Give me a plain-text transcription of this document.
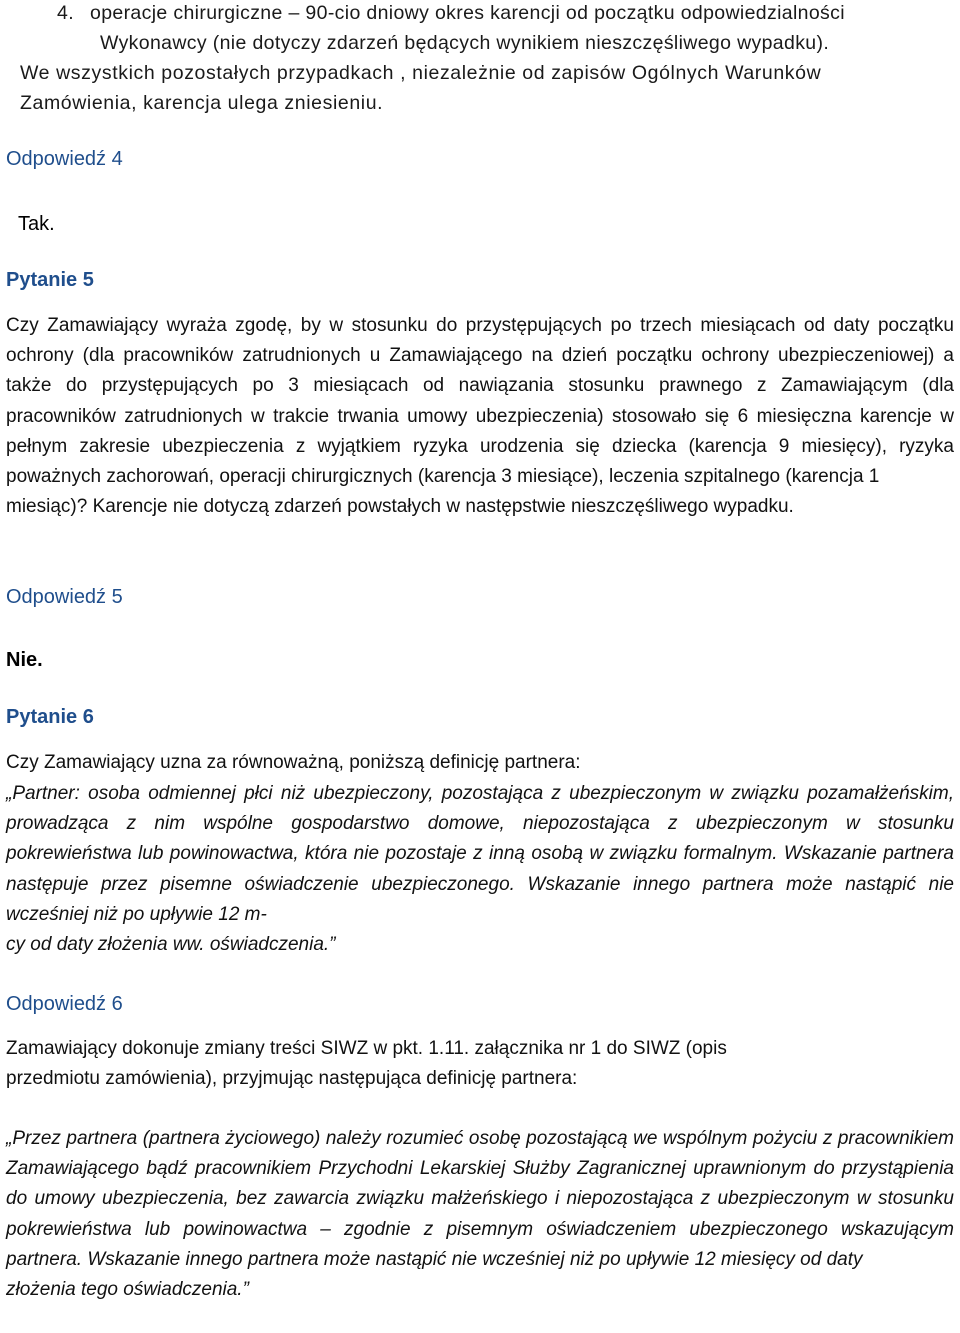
4. operacje chirurgiczne – 90-cio dniowy okres karencji od początku odpowiedzialności
Wykonawcy (nie dotyczy zdarzeń będących wynikiem nieszczęśliwego wypadku).
We wszystkich pozostałych przypadkach , niezależnie od zapisów Ogólnych Warunków
Zamówienia, karencja ulega zniesieniu.
Odpowiedź 4
Tak.
Pytanie 5
Czy Zamawiający wyraża zgodę, by w stosunku do przystępujących po trzech miesiącach od daty początku ochrony (dla pracowników zatrudnionych u Zamawiającego na dzień początku ochrony ubezpieczeniowej) a także do przystępujących po 3 miesiącach od nawiązania stosunku prawnego z Zamawiającym (dla pracowników zatrudnionych w trakcie trwania umowy ubezpieczenia) stosowało się 6 miesięczna karencje w pełnym zakresie ubezpieczenia z wyjątkiem ryzyka urodzenia się dziecka (karencja 9 miesięcy), ryzyka poważnych zachorowań, operacji chirurgicznych (karencja 3 miesiące), leczenia szpitalnego (karencja 1
miesiąc)? Karencje nie dotyczą zdarzeń powstałych w następstwie nieszczęśliwego wypadku.
Odpowiedź 5
Nie.
Pytanie 6
Czy Zamawiający uzna za równoważną, poniższą definicję partnera:
„Partner: osoba odmiennej płci niż ubezpieczony, pozostająca z ubezpieczonym w związku pozamałżeńskim, prowadząca z nim wspólne gospodarstwo domowe, niepozostająca z ubezpieczonym w stosunku pokrewieństwa lub powinowactwa, która nie pozostaje z inną osobą w związku formalnym. Wskazanie partnera następuje przez pisemne oświadczenie ubezpieczonego. Wskazanie innego partnera może nastąpić nie wcześniej niż po upływie 12 m-
cy od daty złożenia ww. oświadczenia.”
Odpowiedź 6
Zamawiający dokonuje zmiany treści SIWZ w pkt. 1.11. załącznika nr 1 do SIWZ (opis
przedmiotu zamówienia), przyjmując następująca definicję partnera:
„Przez partnera (partnera życiowego) należy rozumieć osobę pozostającą we wspólnym pożyciu z pracownikiem Zamawiającego bądź pracownikiem Przychodni Lekarskiej Służby Zagranicznej uprawnionym do przystąpienia do umowy ubezpieczenia, bez zawarcia związku małżeńskiego i niepozostająca z ubezpieczonym w stosunku pokrewieństwa lub powinowactwa – zgodnie z pisemnym oświadczeniem ubezpieczonego wskazującym partnera. Wskazanie innego partnera może nastąpić nie wcześniej niż po upływie 12 miesięcy od daty
złożenia tego oświadczenia.”
